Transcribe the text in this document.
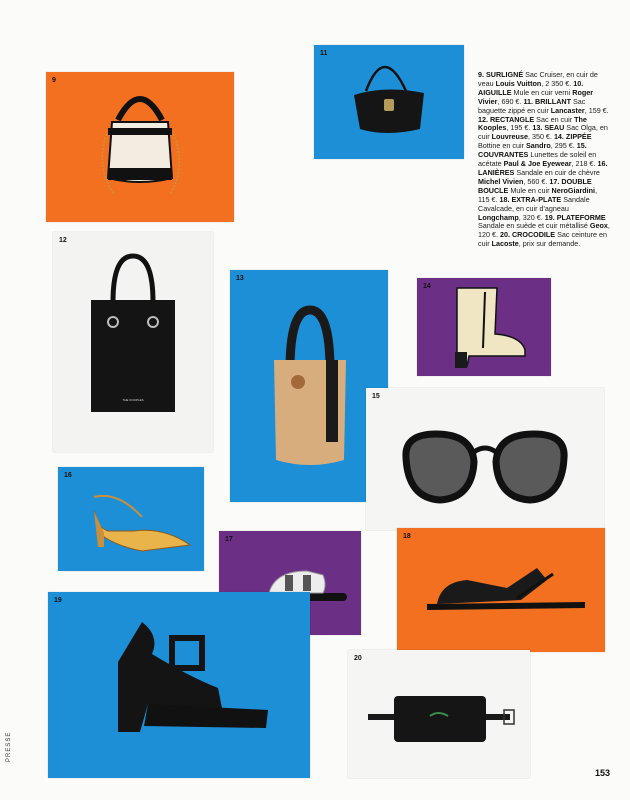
9
11
12
THE KOOPLES
13
14
15
16
17	18
19
20
9. SURLIGNÉ Sac Cruiser, en cuir de veau Louis Vuitton, 2 350 €. 10. AIGUILLE Mule en cuir verni Roger Vivier, 690 €. 11. BRILLANT Sac baguette zippé en cuir Lancaster, 159 €. 12. RECTANGLE Sac en cuir The Kooples, 195 €. 13. SEAU Sac Olga, en cuir Louvreuse, 350 €. 14. ZIPPÉE Bottine en cuir Sandro, 295 €. 15. COUVRANTES Lunettes de soleil en acétate Paul & Joe Eyewear, 218 €. 16. LANIÈRES Sandale en cuir de chèvre Michel Vivien, 560 €. 17. DOUBLE BOUCLE Mule en cuir NeroGiardini, 115 €. 18. EXTRA-PLATE Sandale Cavalcade, en cuir d'agneau Longchamp, 320 €. 19. PLATEFORME Sandale en suède et cuir métallisé Geox, 120 €. 20. CROCODILE Sac ceinture en cuir Lacoste, prix sur demande.
PRESSE
153
